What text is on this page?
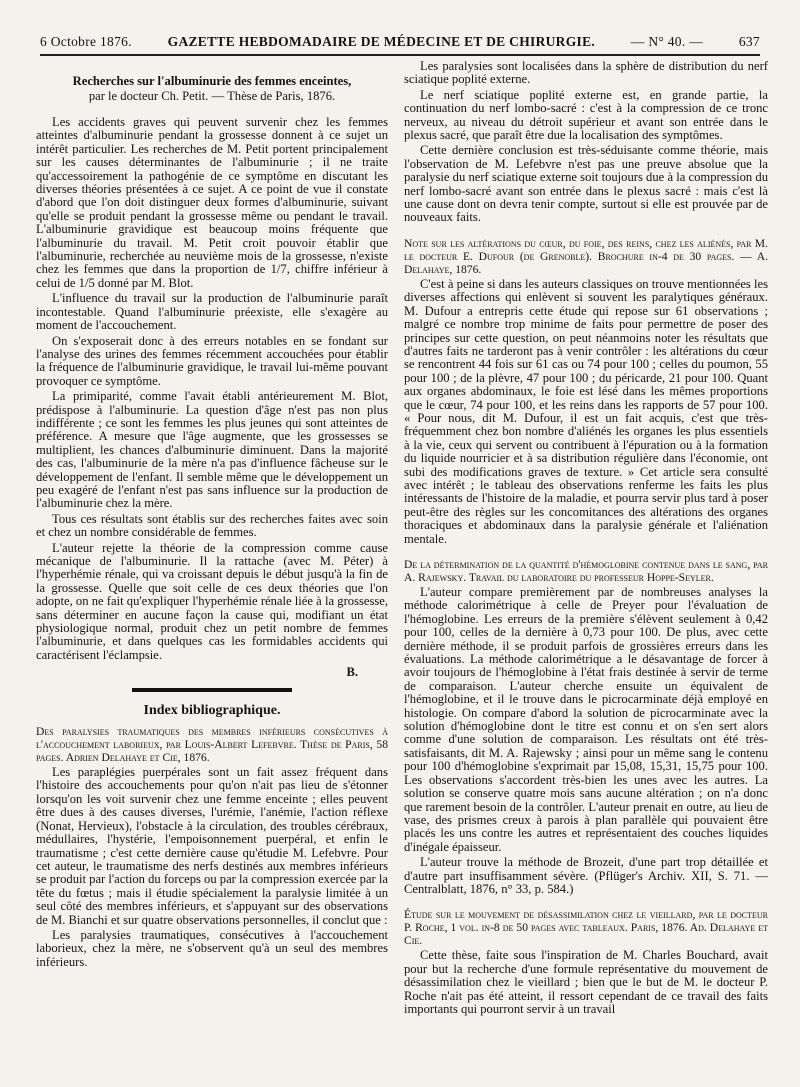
6 Octobre 1876.	GAZETTE HEBDOMADAIRE DE MÉDECINE ET DE CHIRURGIE.	— N° 40. —	637
Recherches sur l'albuminurie des femmes enceintes,
par le docteur Ch. Petit. — Thèse de Paris, 1876.

Les accidents graves qui peuvent survenir chez les femmes atteintes d'albuminurie pendant la grossesse donnent à ce sujet un intérêt particulier. Les recherches de M. Petit portent principalement sur les causes déterminantes de l'albuminurie ; il ne traite qu'accessoirement la pathogénie de ce symptôme en discutant les diverses théories présentées à ce sujet. A ce point de vue il constate d'abord que l'on doit distinguer deux formes d'albuminurie, suivant qu'elle se produit pendant la grossesse même ou pendant le travail. L'albuminurie gravidique est beaucoup moins fréquente que l'albuminurie du travail. M. Petit croit pouvoir établir que l'albuminurie, recherchée au neuvième mois de la grossesse, n'existe chez les femmes que dans la proportion de 1/7, chiffre inférieur à celui de 1/5 donné par M. Blot.

L'influence du travail sur la production de l'albuminurie paraît incontestable. Quand l'albuminurie préexiste, elle s'exagère au moment de l'accouchement.

On s'exposerait donc à des erreurs notables en se fondant sur l'analyse des urines des femmes récemment accouchées pour établir la fréquence de l'albuminurie gravidique, le travail lui-même pouvant provoquer ce symptôme.

La primiparité, comme l'avait établi antérieurement M. Blot, prédispose à l'albuminurie. La question d'âge n'est pas non plus indifférente ; ce sont les femmes les plus jeunes qui sont atteintes de préférence. A mesure que l'âge augmente, que les grossesses se multiplient, les chances d'albuminurie diminuent. Dans la majorité des cas, l'albuminurie de la mère n'a pas d'influence fâcheuse sur le développement de l'enfant. Il semble même que le développement un peu exagéré de l'enfant n'est pas sans influence sur la production de l'albuminurie chez la mère.

Tous ces résultats sont établis sur des recherches faites avec soin et chez un nombre considérable de femmes.

L'auteur rejette la théorie de la compression comme cause mécanique de l'albuminurie. Il la rattache (avec M. Péter) à l'hyperhémie rénale, qui va croissant depuis le début jusqu'à la fin de la grossesse. Quelle que soit celle de ces deux théories que l'on adopte, on ne fait qu'expliquer l'hyperhémie rénale liée à la grossesse, sans déterminer en aucune façon la cause qui, modifiant un état physiologique normal, produit chez un petit nombre de femmes l'albuminurie, et dans quelques cas les formidables accidents qui caractérisent l'éclampsie.

B.
Index bibliographique.

Des paralysies traumatiques des membres inférieurs consécutives à l'accouchement laborieux, par Louis-Albert Lefebvre. Thèse de Paris, 58 pages. Adrien Delahaye et Cie, 1876.

Les paraplégies puerpérales sont un fait assez fréquent dans l'histoire des accouchements pour qu'on n'ait pas lieu de s'étonner lorsqu'on les voit survenir chez une femme enceinte ; elles peuvent être dues à des causes diverses, l'urémie, l'anémie, l'action réflexe (Nonat, Hervieux), l'obstacle à la circulation, des troubles cérébraux, médullaires, l'hystérie, l'empoisonnement puerpéral, et enfin le traumatisme ; c'est cette dernière cause qu'étudie M. Lefebvre. Pour cet auteur, le traumatisme des nerfs destinés aux membres inférieurs se produit par l'action du forceps ou par la compression exercée par la tête du fœtus ; mais il étudie spécialement la paralysie limitée à un seul côté des membres inférieurs, et s'appuyant sur des observations de M. Bianchi et sur quatre observations personnelles, il conclut que :

Les paralysies traumatiques, consécutives à l'accouchement laborieux, chez la mère, ne s'observent qu'à un seul des membres inférieurs.

Les paralysies sont localisées dans la sphère de distribution du nerf sciatique poplité externe.

Le nerf sciatique poplité externe est, en grande partie, la continuation du nerf lombo-sacré : c'est à la compression de ce tronc nerveux, au niveau du détroit supérieur et avant son entrée dans le plexus sacré, que paraît être due la localisation des symptômes.

Cette dernière conclusion est très-séduisante comme théorie, mais l'observation de M. Lefebvre n'est pas une preuve absolue que la paralysie du nerf sciatique externe soit toujours due à la compression du nerf lombo-sacré avant son entrée dans le plexus sacré : mais c'est là une cause dont on devra tenir compte, surtout si elle est prouvée par de nouveaux faits.

Note sur les altérations du cœur, du foie, des reins, chez les aliénés, par M. le docteur E. Dufour (de Grenoble). Brochure in-4 de 30 pages. — A. Delahaye, 1876.

C'est à peine si dans les auteurs classiques on trouve mentionnées les diverses affections qui enlèvent si souvent les paralytiques généraux. M. Dufour a entrepris cette étude qui repose sur 61 observations ; malgré ce nombre trop minime de faits pour permettre de poser des principes sur cette question, on peut néanmoins noter les résultats que d'autres faits ne tarderont pas à venir contrôler : les altérations du cœur se rencontrent 44 fois sur 61 cas ou 74 pour 100 ; celles du poumon, 55 pour 100 ; de la plèvre, 47 pour 100 ; du péricarde, 21 pour 100. Quant aux organes abdominaux, le foie est lésé dans les mêmes proportions que le cœur, 74 pour 100, et les reins dans les rapports de 57 pour 100. « Pour nous, dit M. Dufour, il est un fait acquis, c'est que très-fréquemment chez bon nombre d'aliénés les organes les plus essentiels à la vie, ceux qui servent ou contribuent à l'épuration ou à la formation du liquide nourricier et à sa distribution régulière dans l'économie, ont subi des modifications graves de texture. » Cet article sera consulté avec intérêt ; le tableau des observations renferme les faits les plus intéressants de l'histoire de la maladie, et pourra servir plus tard à poser peut-être des règles sur les concomitances des altérations des organes thoraciques et abdominaux dans la paralysie générale et l'aliénation mentale.

De la détermination de la quantité d'hémoglobine contenue dans le sang, par A. Rajewsky. Travail du laboratoire du professeur Hoppe-Seyler.

L'auteur compare premièrement par de nombreuses analyses la méthode calorimétrique à celle de Preyer pour l'évaluation de l'hémoglobine. Les erreurs de la première s'élèvent seulement à 0,42 pour 100, celles de la dernière à 0,73 pour 100. De plus, avec cette dernière méthode, il se produit parfois de grossières erreurs dans les évaluations. La méthode calorimétrique a le désavantage de forcer à avoir toujours de l'hémoglobine à l'état frais destinée à servir de terme de comparaison. L'auteur cherche ensuite un équivalent de l'hémoglobine, et il le trouve dans le picrocarminate déjà employé en histologie. On compare d'abord la solution de picrocarminate avec la solution d'hémoglobine dont le titre est connu et on s'en sert alors comme d'une solution de comparaison. Les résultats ont été très-satisfaisants, dit M. A. Rajewsky ; ainsi pour un même sang le contenu pour 100 d'hémoglobine s'exprimait par 15,08, 15,31, 15,75 pour 100. Les observations s'accordent très-bien les unes avec les autres. La solution se conserve quatre mois sans aucune altération ; on n'a donc que rarement besoin de la contrôler. L'auteur prenait en outre, au lieu de vase, des prismes creux à parois à plan parallèle qui pouvaient être placés les uns contre les autres et représentaient des couches liquides d'inégale épaisseur.

L'auteur trouve la méthode de Brozeit, d'une part trop détaillée et d'autre part insuffisamment sévère. (Pflüger's Archiv. XII, S. 71. — Centralblatt, 1876, n° 33, p. 584.)

Étude sur le mouvement de désassimilation chez le vieillard, par le docteur P. Roche, 1 vol. in-8 de 50 pages avec tableaux. Paris, 1876. Ad. Delahaye et Cie.

Cette thèse, faite sous l'inspiration de M. Charles Bouchard, avait pour but la recherche d'une formule représentative du mouvement de désassimilation chez le vieillard ; bien que le but de M. le docteur P. Roche n'ait pas été atteint, il ressort cependant de ce travail des faits importants qui pourront servir à un travail
